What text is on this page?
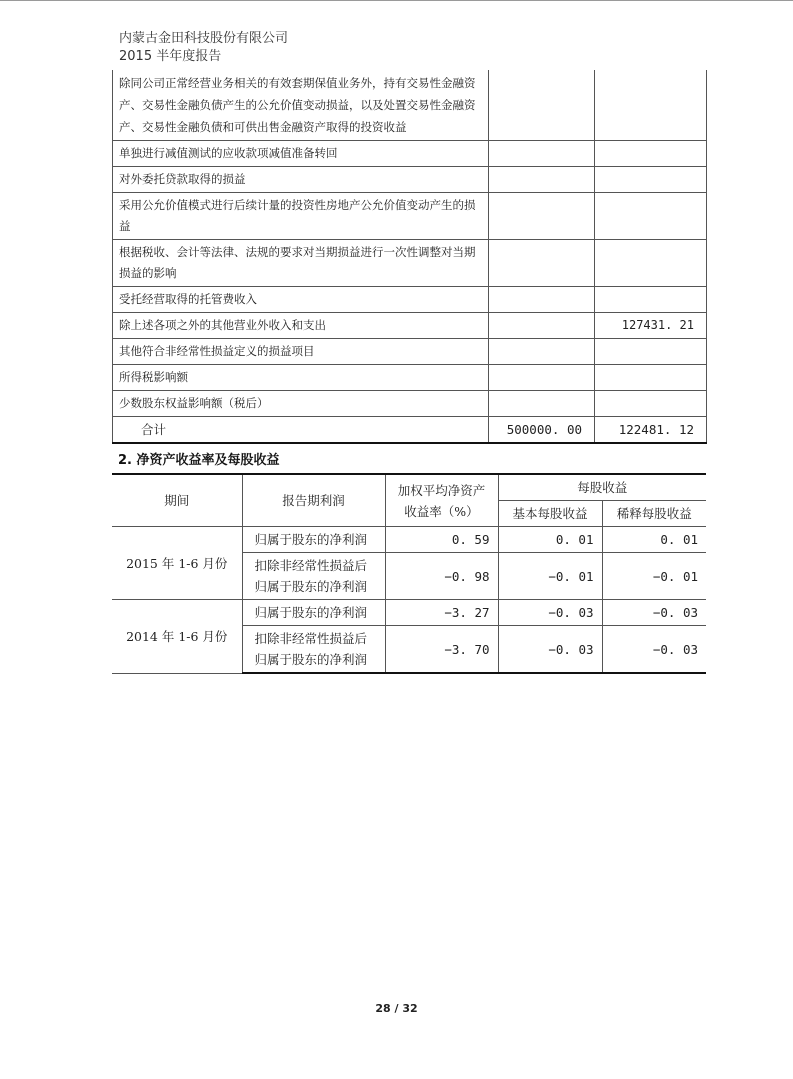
内蒙古金田科技股份有限公司
2015 半年度报告
除同公司正常经营业务相关的有效套期保值业务外，持有交易性金融资产、交易性金融负债产生的公允价值变动损益，以及处置交易性金融资产、交易性金融负债和可供出售金融资产取得的投资收益		
单独进行减值测试的应收款项减值准备转回		
对外委托贷款取得的损益		
采用公允价值模式进行后续计量的投资性房地产公允价值变动产生的损益		
根据税收、会计等法律、法规的要求对当期损益进行一次性调整对当期损益的影响		
受托经营取得的托管费收入		
除上述各项之外的其他营业外收入和支出		127431. 21
其他符合非经常性损益定义的损益项目		
所得税影响额		
少数股东权益影响额（税后）		
合计	500000. 00	122481. 12
2. 净资产收益率及每股收益
期间	报告期利润	加权平均净资产收益率（%）	每股收益	
			基本每股收益	稀释每股收益
2015 年 1-6 月份	归属于股东的净利润	0. 59	0. 01	0. 01
	扣除非经常性损益后归属于股东的净利润	−0. 98	−0. 01	−0. 01
2014 年 1-6 月份	归属于股东的净利润	−3. 27	−0. 03	−0. 03
	扣除非经常性损益后归属于股东的净利润	−3. 70	−0. 03	−0. 03
28 / 32
